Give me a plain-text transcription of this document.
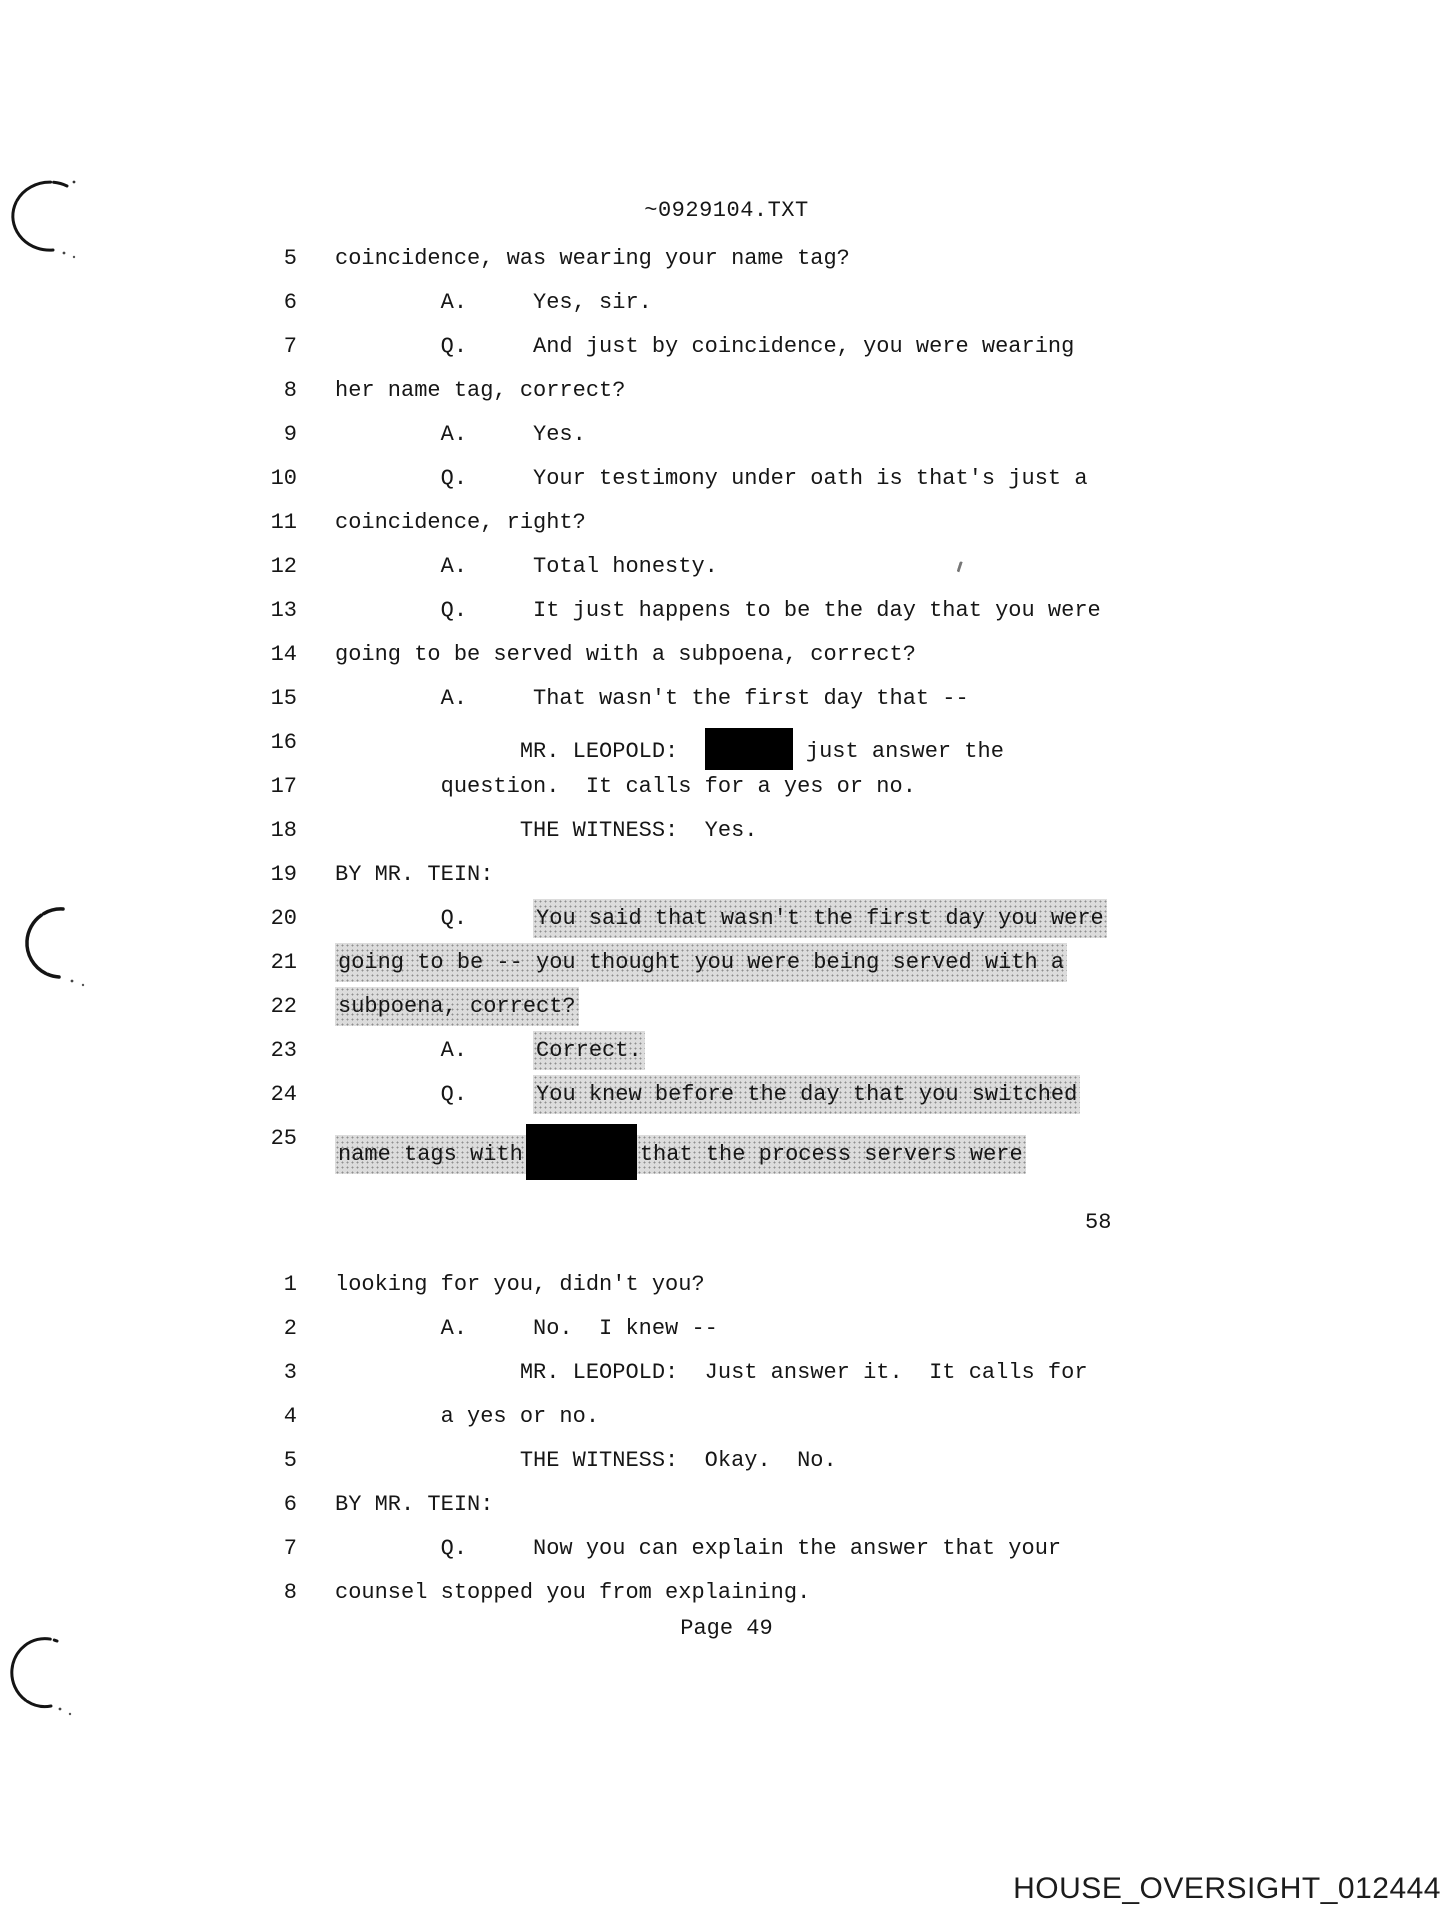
~0929104.TXT
5 coincidence, was wearing your name tag?
6 A.     Yes, sir.
7 Q.     And just by coincidence, you were wearing
8 her name tag, correct?
9 A.     Yes.
10 Q.     Your testimony under oath is that's just a
11 coincidence, right?
12 A.     Total honesty.
13 Q.     It just happens to be the day that you were
14 going to be served with a subpoena, correct?
15 A.     That wasn't the first day that --
16 MR. LEOPOLD:	just answer the
17 question.  It calls for a yes or no.
18 THE WITNESS:  Yes.
19 BY MR. TEIN:
20 Q.     You said that wasn't the first day you were
21 going to be -- you thought you were being served with a
22 subpoena, correct?
23 A.     Correct.
24 Q.     You knew before the day that you switched
25
name tags with	that the process servers were
1 looking for you, didn't you?
2 A.     No.  I knew --
3 MR. LEOPOLD:  Just answer it.  It calls for
4 a yes or no.
5 THE WITNESS:  Okay.  No.
6 BY MR. TEIN:
7 Q.     Now you can explain the answer that your
8 counsel stopped you from explaining.
58
Page 49
HOUSE_OVERSIGHT_012444
